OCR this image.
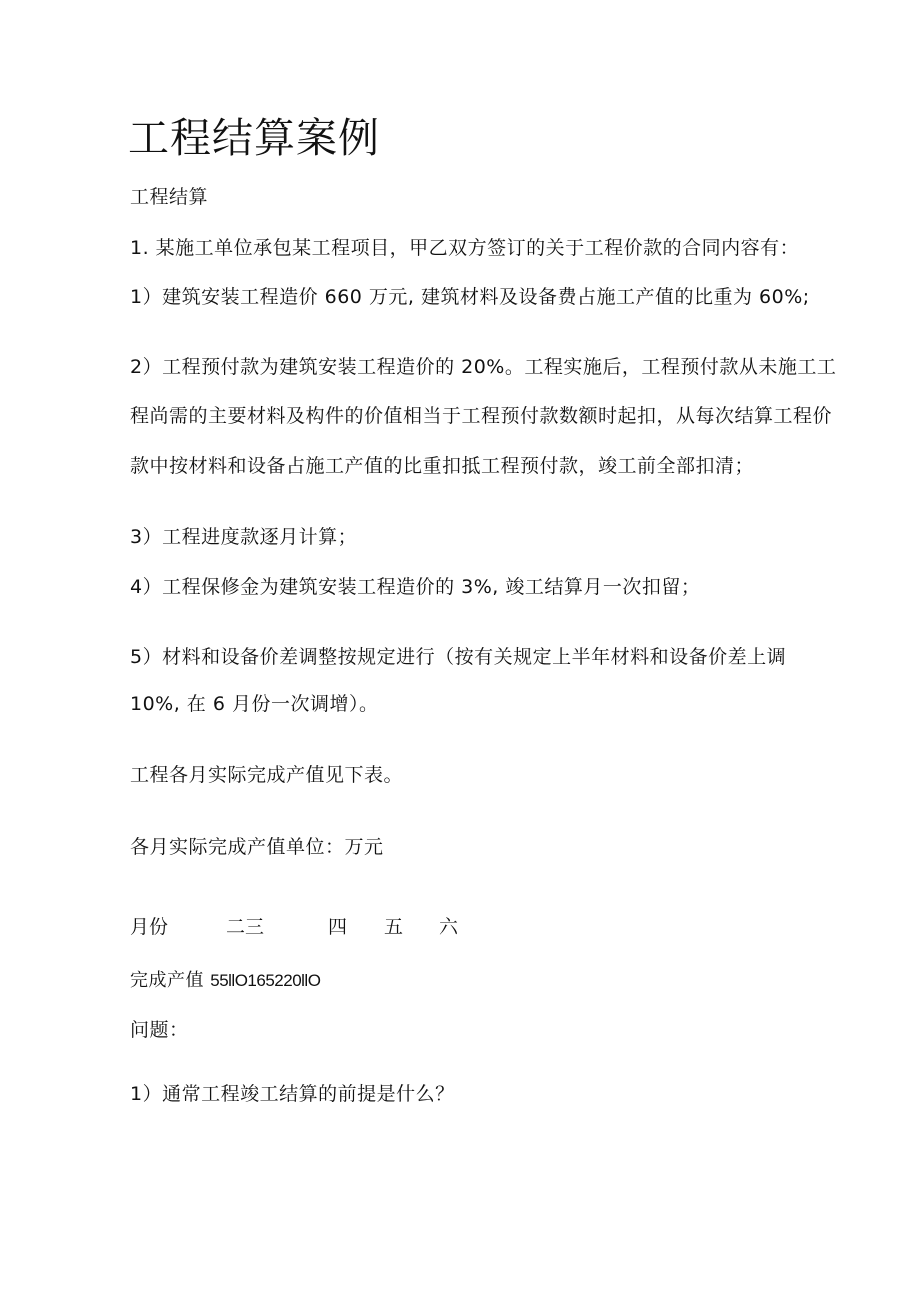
工程结算案例
工程结算
1. 某施工单位承包某工程项目，甲乙双方签订的关于工程价款的合同内容有：
1）建筑安装工程造价 660 万元, 建筑材料及设备费占施工产值的比重为 60%;
2）工程预付款为建筑安装工程造价的 20%。工程实施后，工程预付款从未施工工
程尚需的主要材料及构件的价值相当于工程预付款数额时起扣，从每次结算工程价
款中按材料和设备占施工产值的比重扣抵工程预付款，竣工前全部扣清；
3）工程进度款逐月计算；
4）工程保修金为建筑安装工程造价的 3%, 竣工结算月一次扣留；
5）材料和设备价差调整按规定进行（按有关规定上半年材料和设备价差上调
10%, 在 6 月份一次调增）。
工程各月实际完成产值见下表。
各月实际完成产值单位：万元
月份	二三	四 五 六
完成产值 55llO165220llO
问题：
1）通常工程竣工结算的前提是什么？
